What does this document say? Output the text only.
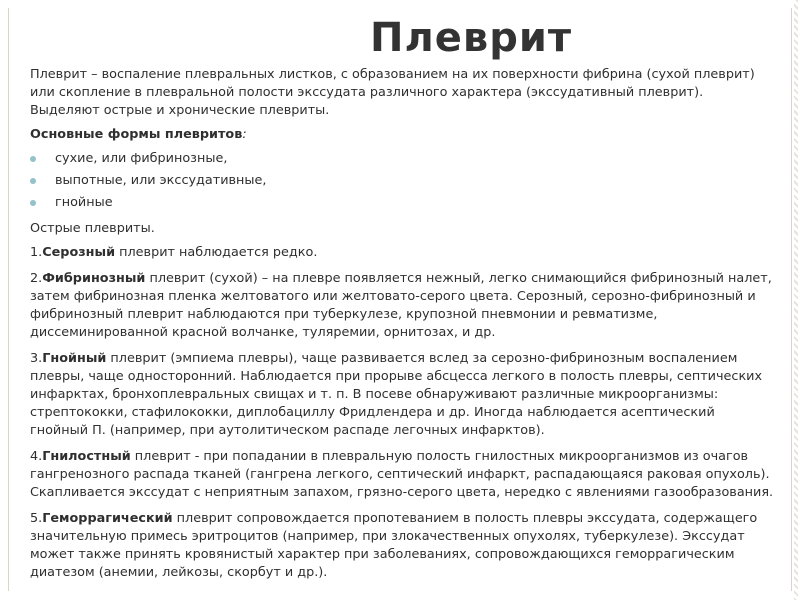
Плеврит

Плеврит – воспаление плевральных листков, с образованием на их поверхности фибрина (сухой плеврит) или скопление в плевральной полости экссудата различного характера (экссудативный плеврит). Выделяют острые и хронические плевриты.

Основные формы плевритов:

сухие, или фибринозные,
выпотные, или экссудативные,
гнойные

Острые плевриты.

1.Серозный плеврит наблюдается редко.

2.Фибринозный плеврит (сухой) – на плевре появляется нежный, легко снимающийся фибринозный налет, затем фибринозная пленка желтоватого или желтовато-серого цвета. Серозный, серозно-фибринозный и фибринозный плеврит наблюдаются при туберкулезе, крупозной пневмонии и ревматизме, диссеминированной красной волчанке, туляремии, орнитозах, и др.

3.Гнойный плеврит (эмпиема плевры), чаще развивается вслед за серозно-фибринозным воспалением плевры, чаще односторонний. Наблюдается при прорыве абсцесса легкого в полость плевры, септических инфарктах, бронхоплевральных свищах и т. п. В посеве обнаруживают различные микроорганизмы: стрептококки, стафилококки, диплобациллу Фридлендера и др. Иногда наблюдается асептический гнойный П. (например, при аутолитическом распаде легочных инфарктов).

4.Гнилостный плеврит - при попадании в плевральную полость гнилостных микроорганизмов из очагов гангренозного распада тканей (гангрена легкого, септический инфаркт, распадающаяся раковая опухоль). Скапливается экссудат с неприятным запахом, грязно-серого цвета, нередко с явлениями газообразования.

5.Геморрагический плеврит сопровождается пропотеванием в полость плевры экссудата, содержащего значительную примесь эритроцитов (например, при злокачественных опухолях, туберкулезе). Экссудат может также принять кровянистый характер при заболеваниях, сопровождающихся геморрагическим диатезом (анемии, лейкозы, скорбут и др.).
